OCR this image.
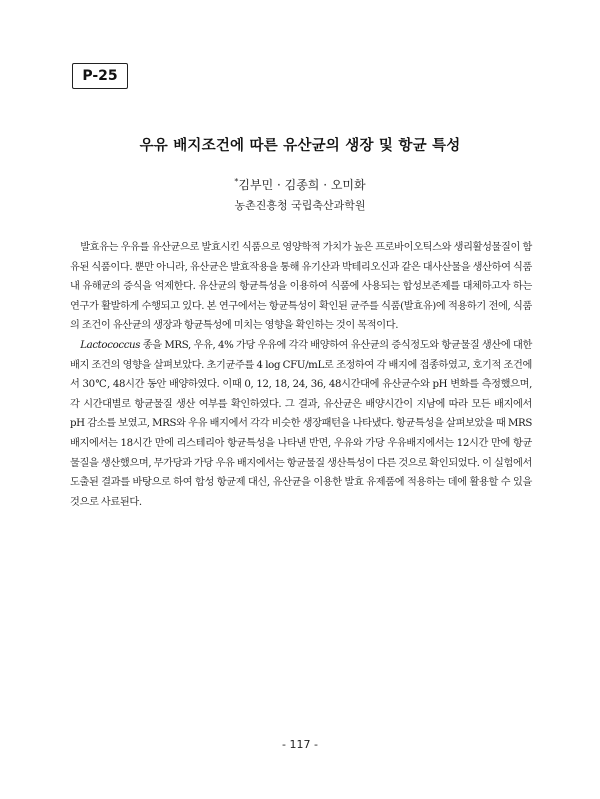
P-25
우유 배지조건에 따른 유산균의 생장 및 항균 특성
*김부민 · 김종희 · 오미화
농촌진흥청 국립축산과학원

발효유는 우유를 유산균으로 발효시킨 식품으로 영양학적 가치가 높은 프로바이오틱스와 생리활성물질이 함유된 식품이다. 뿐만 아니라, 유산균은 발효작용을 통해 유기산과 박테리오신과 같은 대사산물을 생산하여 식품 내 유해균의 증식을 억제한다. 유산균의 항균특성을 이용하여 식품에 사용되는 합성보존제를 대체하고자 하는 연구가 활발하게 수행되고 있다. 본 연구에서는 항균특성이 확인된 균주를 식품(발효유)에 적용하기 전에, 식품의 조건이 유산균의 생장과 항균특성에 미치는 영향을 확인하는 것이 목적이다.

Lactococcus 종을 MRS, 우유, 4% 가당 우유에 각각 배양하여 유산균의 증식정도와 항균물질 생산에 대한 배지 조건의 영향을 살펴보았다. 초기균주를 4 log CFU/mL로 조정하여 각 배지에 접종하였고, 호기적 조건에서 30℃, 48시간 동안 배양하였다. 이때 0, 12, 18, 24, 36, 48시간대에 유산균수와 pH 변화를 측정했으며, 각 시간대별로 항균물질 생산 여부를 확인하였다. 그 결과, 유산균은 배양시간이 지남에 따라 모든 배지에서 pH 감소를 보였고, MRS와 우유 배지에서 각각 비슷한 생장패턴을 나타냈다. 항균특성을 살펴보았을 때 MRS 배지에서는 18시간 만에 리스테리아 항균특성을 나타낸 반면, 우유와 가당 우유배지에서는 12시간 만에 항균물질을 생산했으며, 무가당과 가당 우유 배지에서는 항균물질 생산특성이 다른 것으로 확인되었다. 이 실험에서 도출된 결과를 바탕으로 하여 합성 항균제 대신, 유산균을 이용한 발효 유제품에 적용하는 데에 활용할 수 있을 것으로 사료된다.

- 117 -
